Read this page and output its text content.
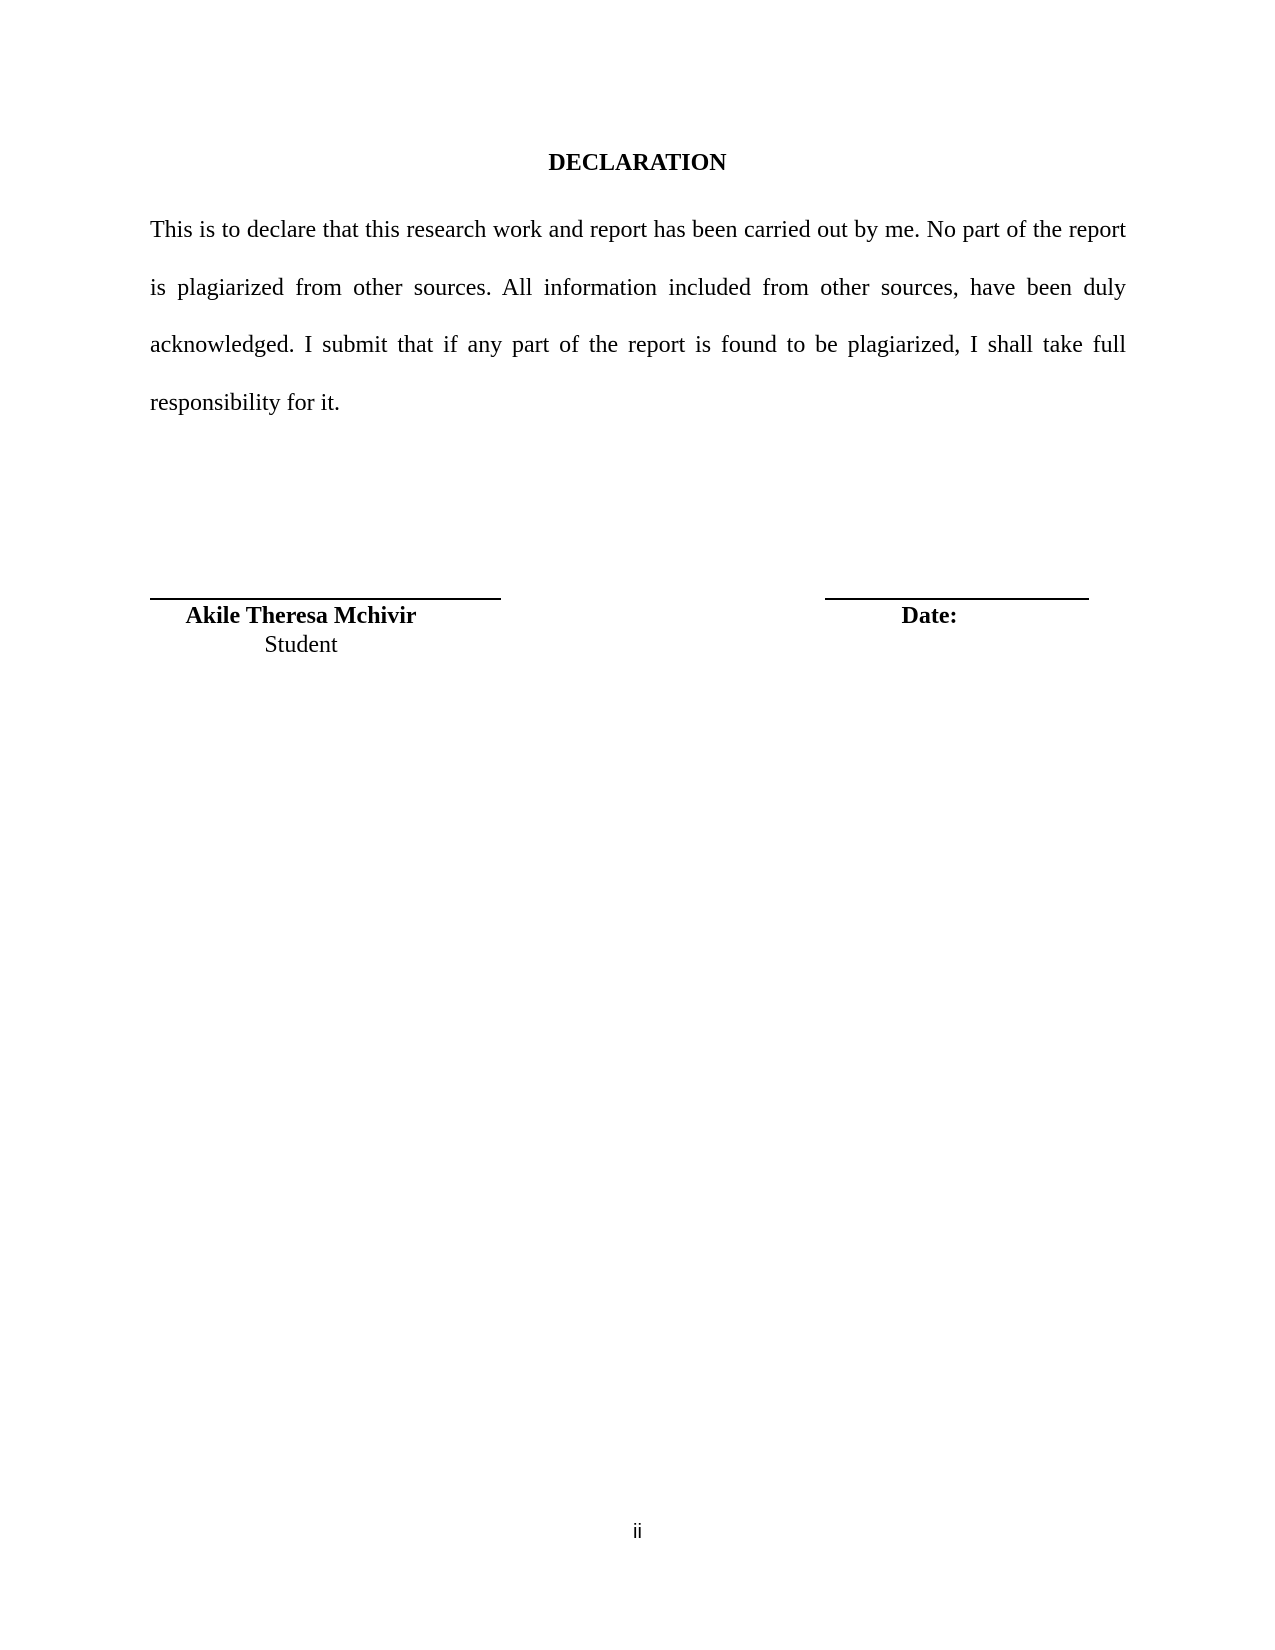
DECLARATION

This is to declare that this research work and report has been carried out by me. No part of the report is plagiarized from other sources. All information included from other sources, have been duly acknowledged. I submit that if any part of the report is found to be plagiarized, I shall take full responsibility for it.

Akile Theresa Mchivir
Student
Date:
ii
